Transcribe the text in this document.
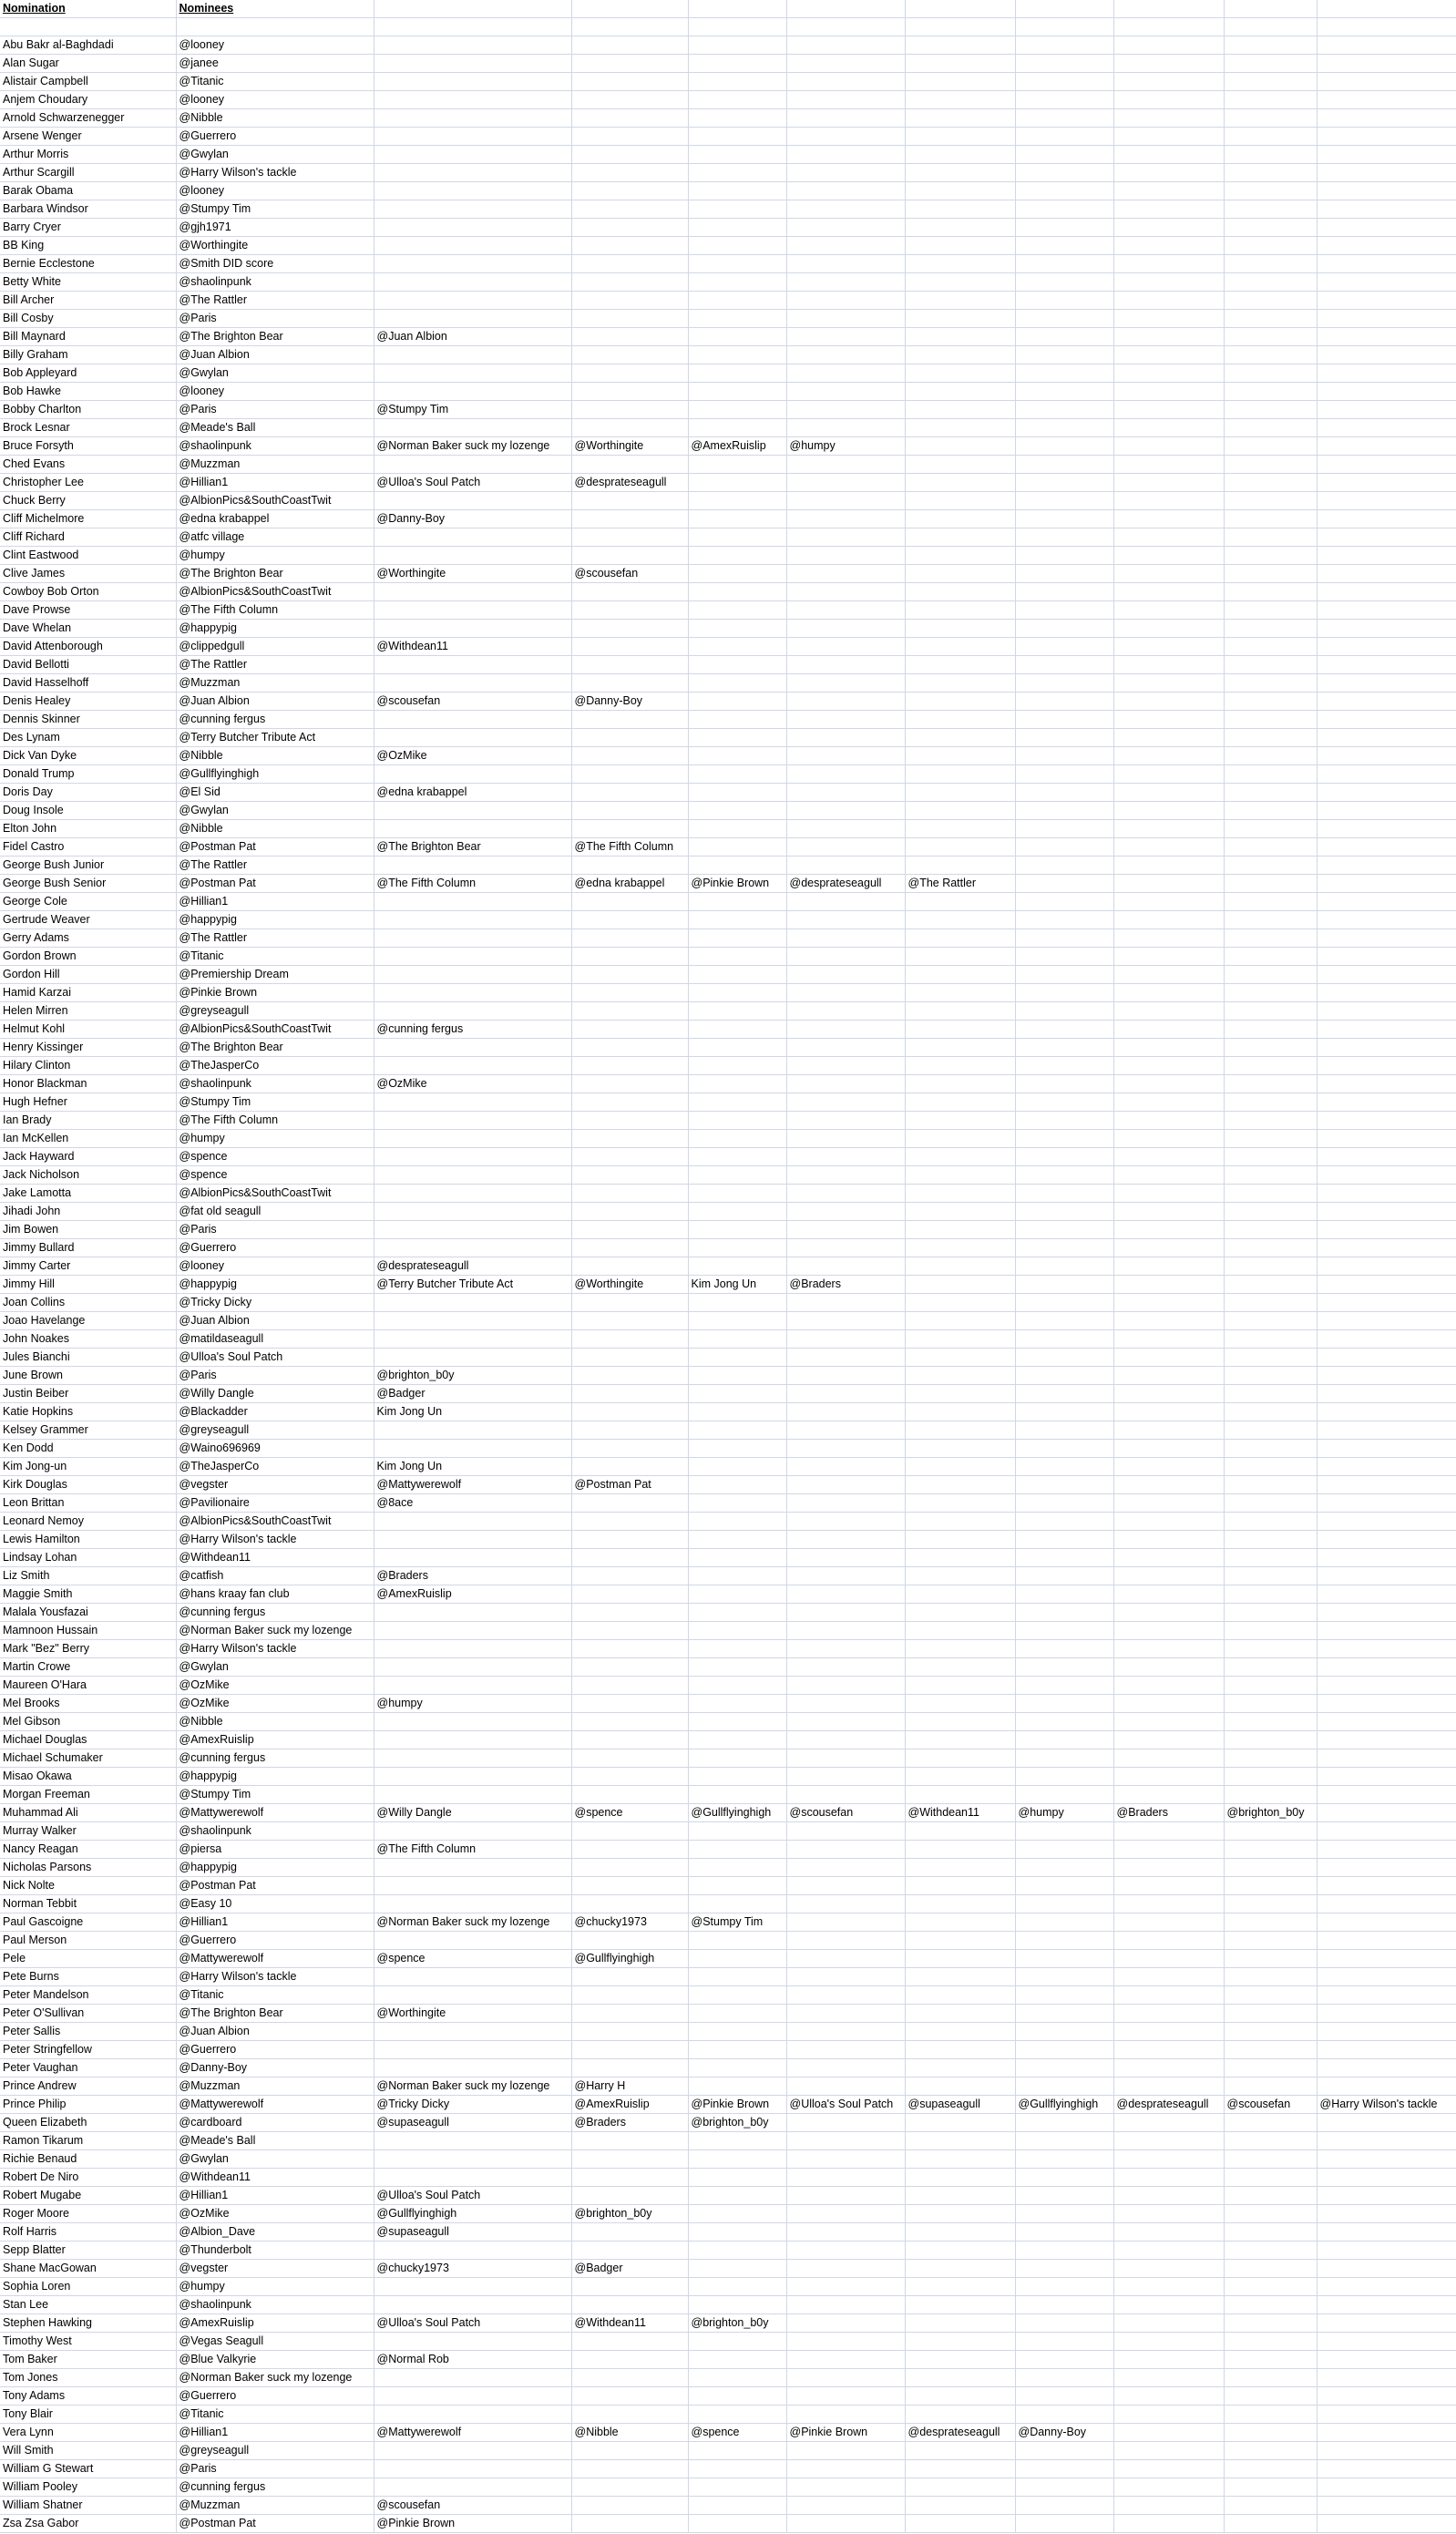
Nomination	Nominees									

Abu Bakr al-Baghdadi	@looney									
Alan Sugar	@janee									
Alistair Campbell	@Titanic									
Anjem Choudary	@looney									
Arnold Schwarzenegger	@Nibble									
Arsene Wenger	@Guerrero									
Arthur Morris	@Gwylan									
Arthur Scargill	@Harry Wilson's tackle									
Barak Obama	@looney									
Barbara Windsor	@Stumpy Tim									
Barry Cryer	@gjh1971									
BB King	@Worthingite									
Bernie Ecclestone	@Smith DID score									
Betty White	@shaolinpunk									
Bill Archer	@The Rattler									
Bill Cosby	@Paris									
Bill Maynard	@The Brighton Bear	@Juan Albion								
Billy Graham	@Juan Albion									
Bob Appleyard	@Gwylan									
Bob Hawke	@looney									
Bobby Charlton	@Paris	@Stumpy Tim								
Brock Lesnar	@Meade's Ball									
Bruce Forsyth	@shaolinpunk	@Norman Baker suck my lozenge	@Worthingite	@AmexRuislip	@humpy					
Ched Evans	@Muzzman									
Christopher Lee	@Hillian1	@Ulloa's Soul Patch	@desprateseagull							
Chuck Berry	@AlbionPics&SouthCoastTwit									
Cliff Michelmore	@edna krabappel	@Danny-Boy								
Cliff Richard	@atfc village									
Clint Eastwood	@humpy									
Clive James	@The Brighton Bear	@Worthingite	@scousefan							
Cowboy Bob Orton	@AlbionPics&SouthCoastTwit									
Dave Prowse	@The Fifth Column									
Dave Whelan	@happypig									
David Attenborough	@clippedgull	@Withdean11								
David Bellotti	@The Rattler									
David Hasselhoff	@Muzzman									
Denis Healey	@Juan Albion	@scousefan	@Danny-Boy							
Dennis Skinner	@cunning fergus									
Des Lynam	@Terry Butcher Tribute Act									
Dick Van Dyke	@Nibble	@OzMike								
Donald Trump	@Gullflyinghigh									
Doris Day	@El Sid	@edna krabappel								
Doug Insole	@Gwylan									
Elton John	@Nibble									
Fidel Castro	@Postman Pat	@The Brighton Bear	@The Fifth Column							
George Bush Junior	@The Rattler									
George Bush Senior	@Postman Pat	@The Fifth Column	@edna krabappel	@Pinkie Brown	@desprateseagull	@The Rattler				
George Cole	@Hillian1									
Gertrude Weaver	@happypig									
Gerry Adams	@The Rattler									
Gordon Brown	@Titanic									
Gordon Hill	@Premiership Dream									
Hamid Karzai	@Pinkie Brown									
Helen Mirren	@greyseagull									
Helmut Kohl	@AlbionPics&SouthCoastTwit	@cunning fergus								
Henry Kissinger	@The Brighton Bear									
Hilary Clinton	@TheJasperCo									
Honor Blackman	@shaolinpunk	@OzMike								
Hugh Hefner	@Stumpy Tim									
Ian Brady	@The Fifth Column									
Ian McKellen	@humpy									
Jack Hayward	@spence									
Jack Nicholson	@spence									
Jake Lamotta	@AlbionPics&SouthCoastTwit									
Jihadi John	@fat old seagull									
Jim Bowen	@Paris									
Jimmy Bullard	@Guerrero									
Jimmy Carter	@looney	@desprateseagull								
Jimmy Hill	@happypig	@Terry Butcher Tribute Act	@Worthingite	Kim Jong Un	@Braders					
Joan Collins	@Tricky Dicky									
Joao Havelange	@Juan Albion									
John Noakes	@matildaseagull									
Jules Bianchi	@Ulloa's Soul Patch									
June Brown	@Paris	@brighton_b0y								
Justin Beiber	@Willy Dangle	@Badger								
Katie Hopkins	@Blackadder	Kim Jong Un								
Kelsey Grammer	@greyseagull									
Ken Dodd	@Waino696969									
Kim Jong-un	@TheJasperCo	Kim Jong Un								
Kirk Douglas	@vegster	@Mattywerewolf	@Postman Pat							
Leon Brittan	@Pavilionaire	@8ace								
Leonard Nemoy	@AlbionPics&SouthCoastTwit									
Lewis Hamilton	@Harry Wilson's tackle									
Lindsay Lohan	@Withdean11									
Liz Smith	@catfish	@Braders								
Maggie Smith	@hans kraay fan club	@AmexRuislip								
Malala Yousfazai	@cunning fergus									
Mamnoon Hussain	@Norman Baker suck my lozenge									
Mark "Bez" Berry	@Harry Wilson's tackle									
Martin Crowe	@Gwylan									
Maureen O'Hara	@OzMike									
Mel Brooks	@OzMike	@humpy								
Mel Gibson	@Nibble									
Michael Douglas	@AmexRuislip									
Michael Schumaker	@cunning fergus									
Misao Okawa	@happypig									
Morgan Freeman	@Stumpy Tim									
Muhammad Ali	@Mattywerewolf	@Willy Dangle	@spence	@Gullflyinghigh	@scousefan	@Withdean11	@humpy	@Braders	@brighton_b0y	
Murray Walker	@shaolinpunk									
Nancy Reagan	@piersa	@The Fifth Column								
Nicholas Parsons	@happypig									
Nick Nolte	@Postman Pat									
Norman Tebbit	@Easy 10									
Paul Gascoigne	@Hillian1	@Norman Baker suck my lozenge	@chucky1973	@Stumpy Tim						
Paul Merson	@Guerrero									
Pele	@Mattywerewolf	@spence	@Gullflyinghigh							
Pete Burns	@Harry Wilson's tackle									
Peter Mandelson	@Titanic									
Peter O'Sullivan	@The Brighton Bear	@Worthingite								
Peter Sallis	@Juan Albion									
Peter Stringfellow	@Guerrero									
Peter Vaughan	@Danny-Boy									
Prince Andrew	@Muzzman	@Norman Baker suck my lozenge	@Harry H							
Prince Philip	@Mattywerewolf	@Tricky Dicky	@AmexRuislip	@Pinkie Brown	@Ulloa's Soul Patch	@supaseagull	@Gullflyinghigh	@desprateseagull	@scousefan	@Harry Wilson's tackle
Queen Elizabeth	@cardboard	@supaseagull	@Braders	@brighton_b0y						
Ramon Tikarum	@Meade's Ball									
Richie Benaud	@Gwylan									
Robert De Niro	@Withdean11									
Robert Mugabe	@Hillian1	@Ulloa's Soul Patch								
Roger Moore	@OzMike	@Gullflyinghigh	@brighton_b0y							
Rolf Harris	@Albion_Dave	@supaseagull								
Sepp Blatter	@Thunderbolt									
Shane MacGowan	@vegster	@chucky1973	@Badger							
Sophia Loren	@humpy									
Stan Lee	@shaolinpunk									
Stephen Hawking	@AmexRuislip	@Ulloa's Soul Patch	@Withdean11	@brighton_b0y						
Timothy West	@Vegas Seagull									
Tom Baker	@Blue Valkyrie	@Normal Rob								
Tom Jones	@Norman Baker suck my lozenge									
Tony Adams	@Guerrero									
Tony Blair	@Titanic									
Vera Lynn	@Hillian1	@Mattywerewolf	@Nibble	@spence	@Pinkie Brown	@desprateseagull	@Danny-Boy			
Will Smith	@greyseagull									
William G Stewart	@Paris									
William Pooley	@cunning fergus									
William Shatner	@Muzzman	@scousefan								
Zsa Zsa Gabor	@Postman Pat	@Pinkie Brown								
